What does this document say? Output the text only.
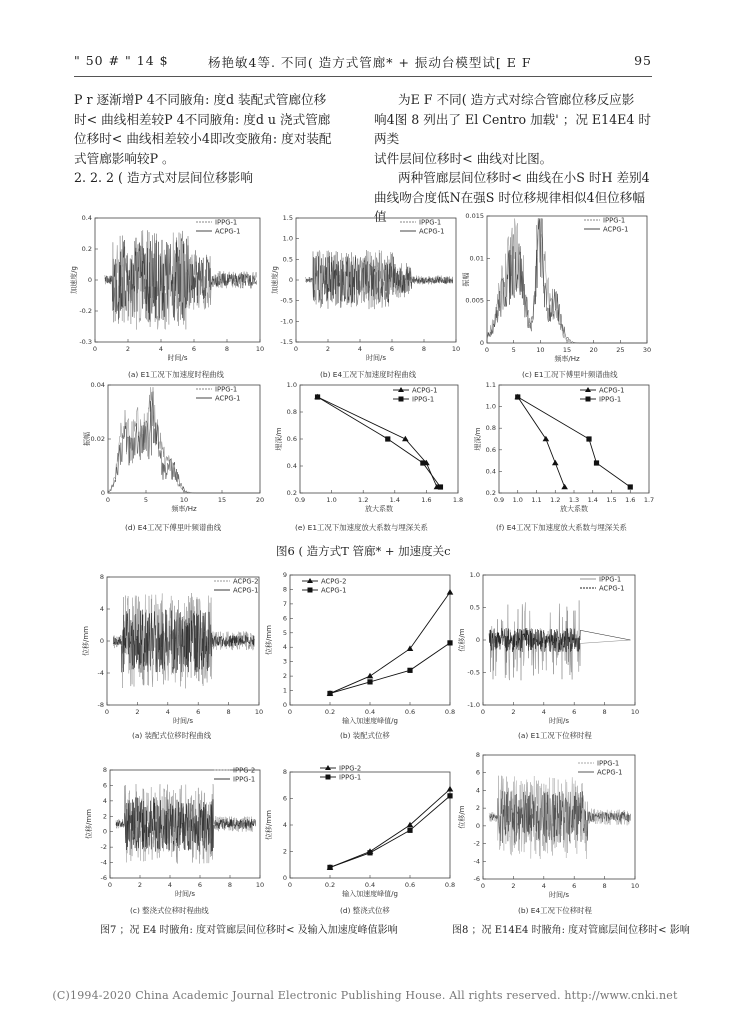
" 50 # " 14 $	杨艳敏4等. 不同( 造方式管廊* + 振动台模型试[ E F	95

P r 逐渐增P 4不同腋角: 度d 装配式管廊位移

时< 曲线相差较P 4不同腋角: 度d u 浇式管廊

位移时< 曲线相差较小4即改变腋角: 度对装配

式管廊影响较P 。

2. 2. 2 ( 造方式对层间位移影响

为E F 不同( 造方式对综合管廊位移反应影

响4图 8 列出了 El Centro 加载' ；况 E14E4 时两类

试件层间位移时< 曲线对比图。

两种管廊层间位移时< 曲线在小S 时H 差别4

曲线吻合度低N在强S 时位移规律相似4但位移幅值

0.4
0.2
0
-0.2
-0.3
0	2	4	6	8	10
加速度/g
时间/s
IPPG-1
ACPG-1
1.5
1.0
0.5
0
-0.5
-1.0
-1.5
0	2	4	6	8	10
加速度/g
时间/s
IPPG-1
ACPG-1
0.015
0.01
0.005
0
0	5	10	15	20	25	30
振幅
频率/Hz
IPPG-1
ACPG-1
0.04
0.02
0
0	5	10	15	20
振幅
频率/Hz
IPPG-1
ACPG-1
1.0
0.8
0.6
0.4
0.2
0.9	1.0	1.2	1.4	1.6	1.8
埋深/m
放大系数
ACPG-1
IPPG-1
1.1
1.0
0.8
0.6
0.4
0.2
0.9 1.0 1.1 1.2 1.3 1.4 1.5 1.6 1.7
埋深/m
放大系数
ACPG-1
IPPG-1
8
4
0
-4
-8
0	2	4	6	8	10
位移/mm
时间/s
ACPG-2
ACPG-1
9
8
7
6
5
4
3
2
1
0
0	0.2	0.4	0.6	0.8
位移/mm
输入加速度峰值/g
ACPG-2
ACPG-1
1.0
0.5
0
-0.5
-1.0
0	2	4	6	8	10
位移/m
时间/s
IPPG-1
ACPG-1
8
6
4
2
0
-2
-4
-6
0	2	4	6	8	10
位移/mm
时间/s
IPPG-2
IPPG-1
8
6
4
2
0
0	0.2	0.4	0.6	0.8
位移/mm
输入加速度峰值/g
IPPG-2
IPPG-1
8
6
4
2
0
-2
-4
-6
0	2	4	6	8	10
位移/m
时间/s
IPPG-1
ACPG-1
(a) E1工况下加速度时程曲线	(b) E4工况下加速度时程曲线	(c) E1工况下傅里叶频谱曲线
(d) E4工况下傅里叶频谱曲线	(e) E1工况下加速度放大系数与埋深关系	(f) E4工况下加速度放大系数与埋深关系
图6 ( 造方式T 管廊* + 加速度关c
(a) 装配式位移时程曲线	(b) 装配式位移	(a) E1工况下位移时程
(c) 整浇式位移时程曲线	(d) 整浇式位移	(b) E4工况下位移时程
图7 ；况 E4 时腋角: 度对管廊层间位移时< 及输入加速度峰值影响	图8 ；况 E14E4 时腋角: 度对管廊层间位移时< 影响
(C)1994-2020 China Academic Journal Electronic Publishing House. All rights reserved. http://www.cnki.net
